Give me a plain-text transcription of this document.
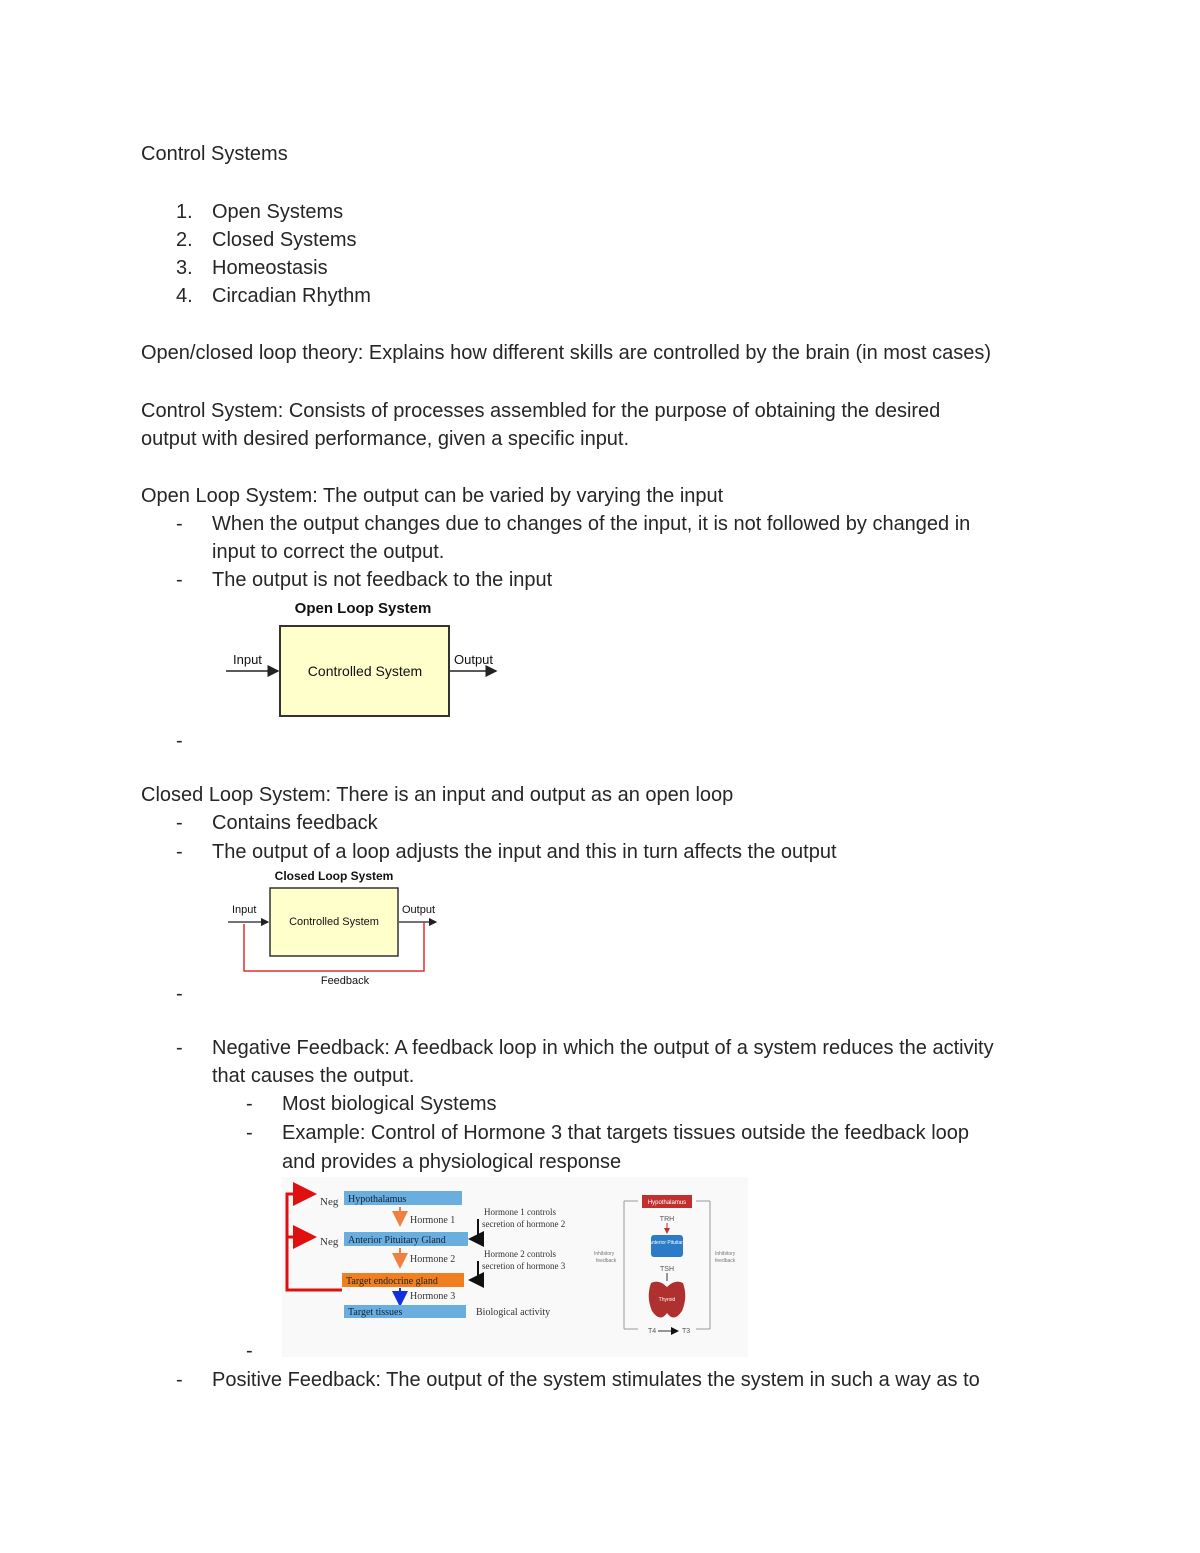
Control Systems
1. Open Systems
2. Closed Systems
3. Homeostasis
4. Circadian Rhythm
Open/closed loop theory: Explains how different skills are controlled by the brain (in most cases)
Control System: Consists of processes assembled for the purpose of obtaining the desired
output with desired performance, given a specific input.
Open Loop System: The output can be varied by varying the input
- When the output changes due to changes of the input, it is not followed by changed in
input to correct the output.
- The output is not feedback to the input
Open Loop System
Controlled System
Input	Output
-
Closed Loop System: There is an input and output as an open loop
- Contains feedback
- The output of a loop adjusts the input and this in turn affects the output
Closed Loop System
Controlled System
Input	Output
Feedback
-
- Negative Feedback: A feedback loop in which the output of a system reduces the activity
that causes the output.
- Most biological Systems
- Example: Control of Hormone 3 that targets tissues outside the feedback loop
and provides a physiological response
Neg
Neg
Hypothalamus
Hormone 1
Hormone 1 controls
secretion of hormone 2
Anterior Pituitary Gland
Hormone 2	Hormone 2 controls
secretion of hormone 3
Target endocrine gland
Hormone 3
Target tissues	Biological activity
Hypothalamus
TRH
Anterior Pituitary
TSH
Thyroid
T4	T3
Inhibitory
feedback
Inhibitory
feedback
-
- Positive Feedback: The output of the system stimulates the system in such a way as to
